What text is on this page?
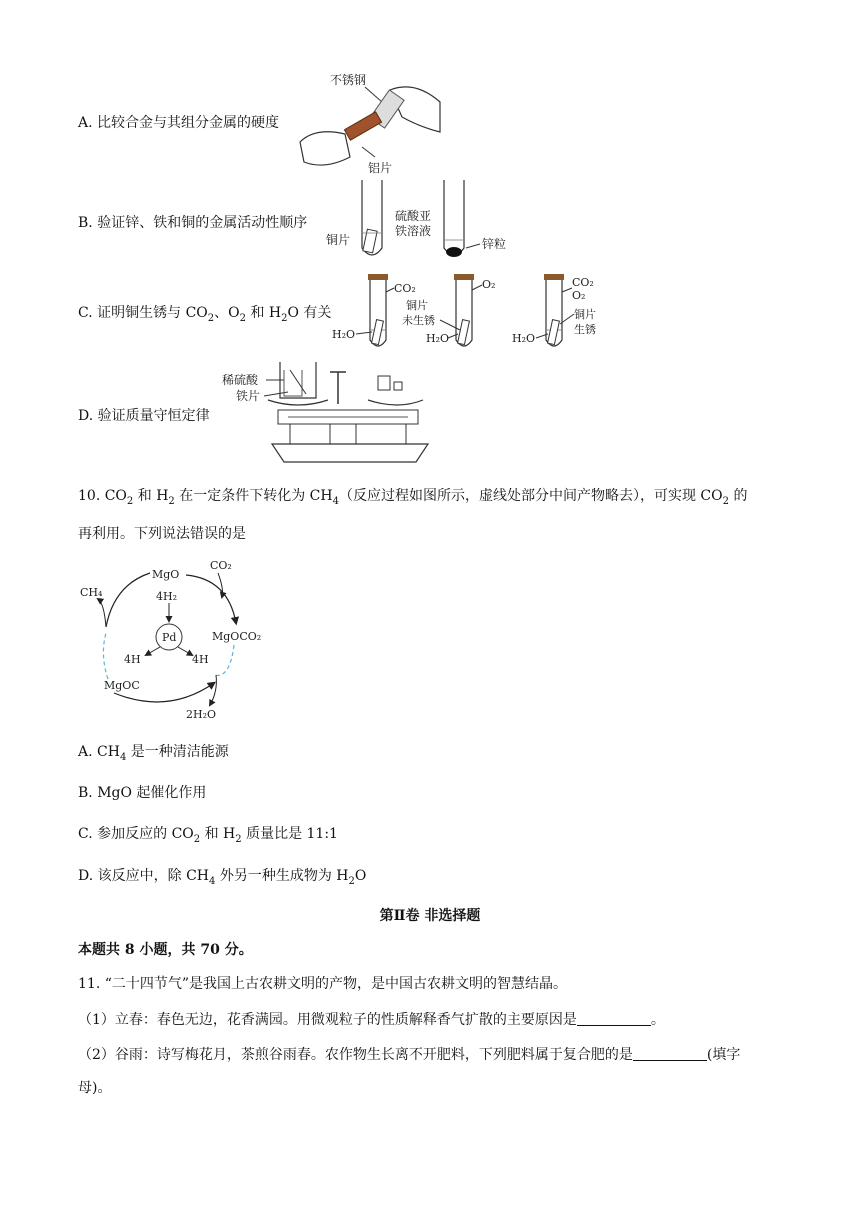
A. 比较合金与其组分金属的硬度
不锈钢
铝片
B. 验证锌、铁和铜的金属活动性顺序
铜片
硫酸亚
铁溶液
锌粒
C. 证明铜生锈与 $CO_2$、$O_2$ 和 $H_2O$ 有关
CO₂
H₂O
铜片
未生锈
O₂
H₂O
CO₂
O₂
铜片
生锈
H₂O
D. 验证质量守恒定律
稀硫酸
铁片
10. $CO_2$ 和 $H_2$ 在一定条件下转化为 $CH_4$（反应过程如图所示，虚线处部分中间产物略去），可实现 $CO_2$ 的
再利用。下列说法错误的是
MgO
CO₂
4H₂
CH₄
Pd	MgOCO₂
4H	4H
MgOC
2H₂O
A. $CH_4$ 是一种清洁能源
B. MgO 起催化作用
C. 参加反应的 $CO_2$ 和 $H_2$ 质量比是 11:1
D. 该反应中，除 $CH_4$ 外另一种生成物为 $H_2O$
第Ⅱ卷 非选择题
本题共 8 小题，共 70 分。
11. “二十四节气”是我国上古农耕文明的产物，是中国古农耕文明的智慧结晶。
（1）立春：春色无边，花香满园。用微观粒子的性质解释香气扩散的主要原因是	。
（2）谷雨：诗写梅花月，茶煎谷雨春。农作物生长离不开肥料，下列肥料属于复合肥的是	(填字
母)。
